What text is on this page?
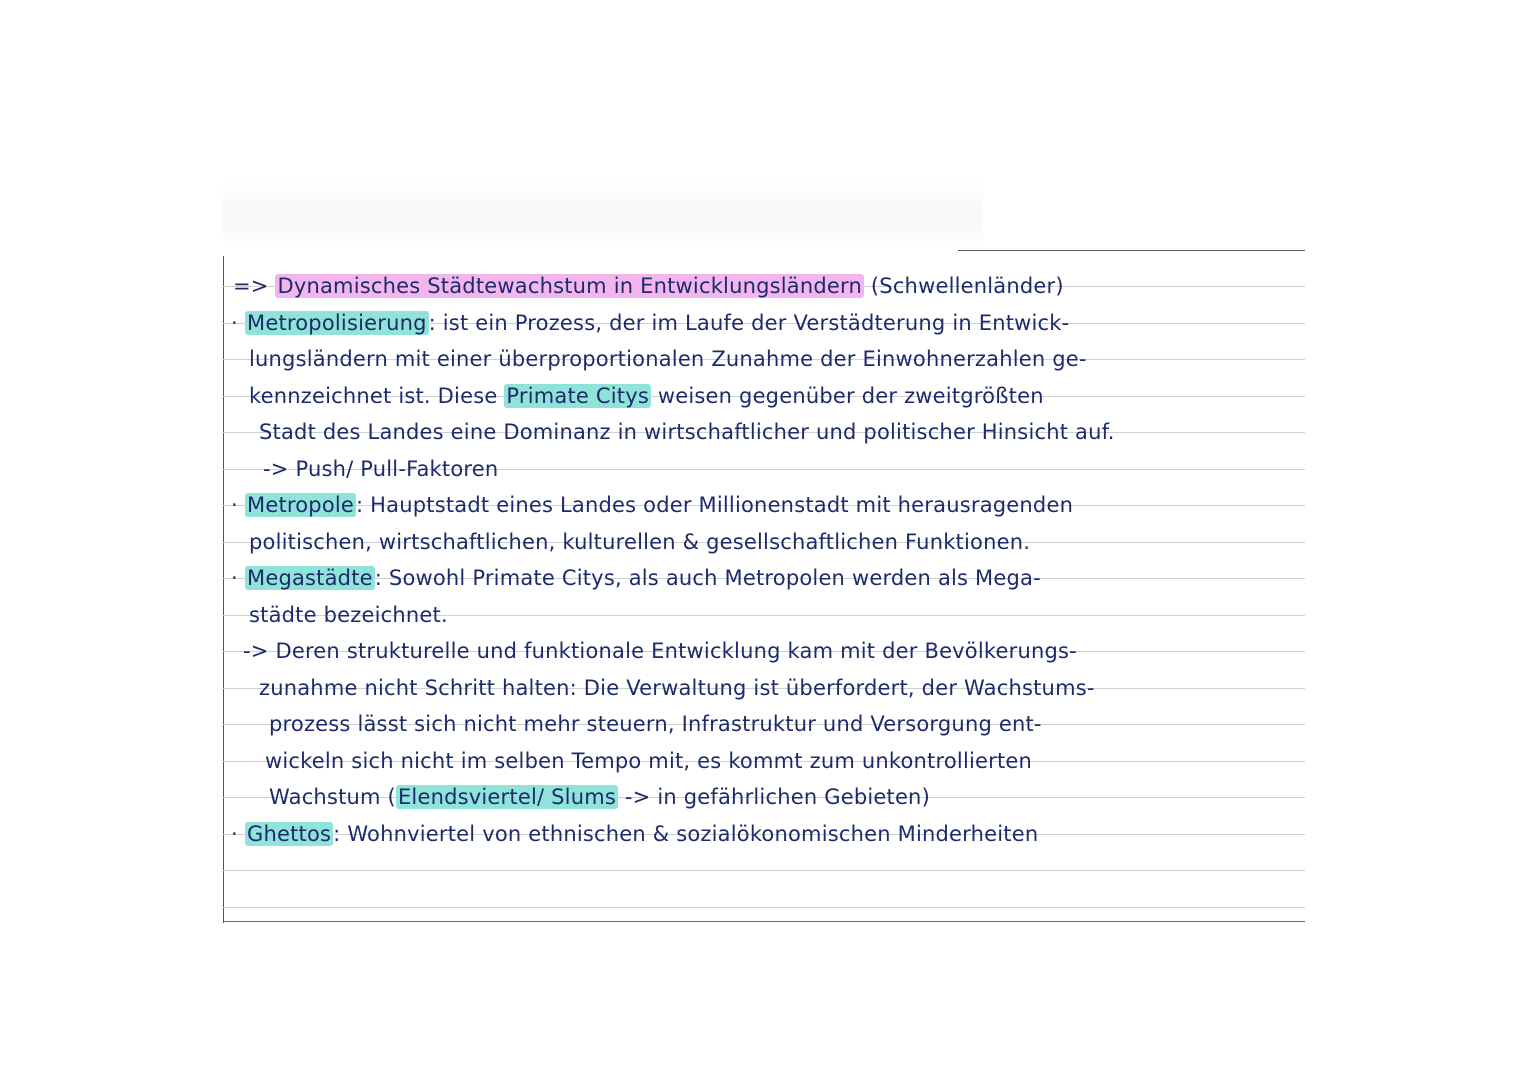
=> Dynamisches Städtewachstum in Entwicklungsländern (Schwellenländer)
· Metropolisierung: ist ein Prozess, der im Laufe der Verstädterung in Entwick-
lungsländern mit einer überproportionalen Zunahme der Einwohnerzahlen ge-
kennzeichnet ist. Diese Primate Citys weisen gegenüber der zweitgrößten
Stadt des Landes eine Dominanz in wirtschaftlicher und politischer Hinsicht auf.
-> Push/ Pull-Faktoren
· Metropole: Hauptstadt eines Landes oder Millionenstadt mit herausragenden
politischen, wirtschaftlichen, kulturellen & gesellschaftlichen Funktionen.
· Megastädte: Sowohl Primate Citys, als auch Metropolen werden als Mega-
städte bezeichnet.
-> Deren strukturelle und funktionale Entwicklung kam mit der Bevölkerungs-
zunahme nicht Schritt halten: Die Verwaltung ist überfordert, der Wachstums-
prozess lässt sich nicht mehr steuern, Infrastruktur und Versorgung ent-
wickeln sich nicht im selben Tempo mit, es kommt zum unkontrollierten
Wachstum (Elendsviertel/ Slums -> in gefährlichen Gebieten)
· Ghettos: Wohnviertel von ethnischen & sozialökonomischen Minderheiten
